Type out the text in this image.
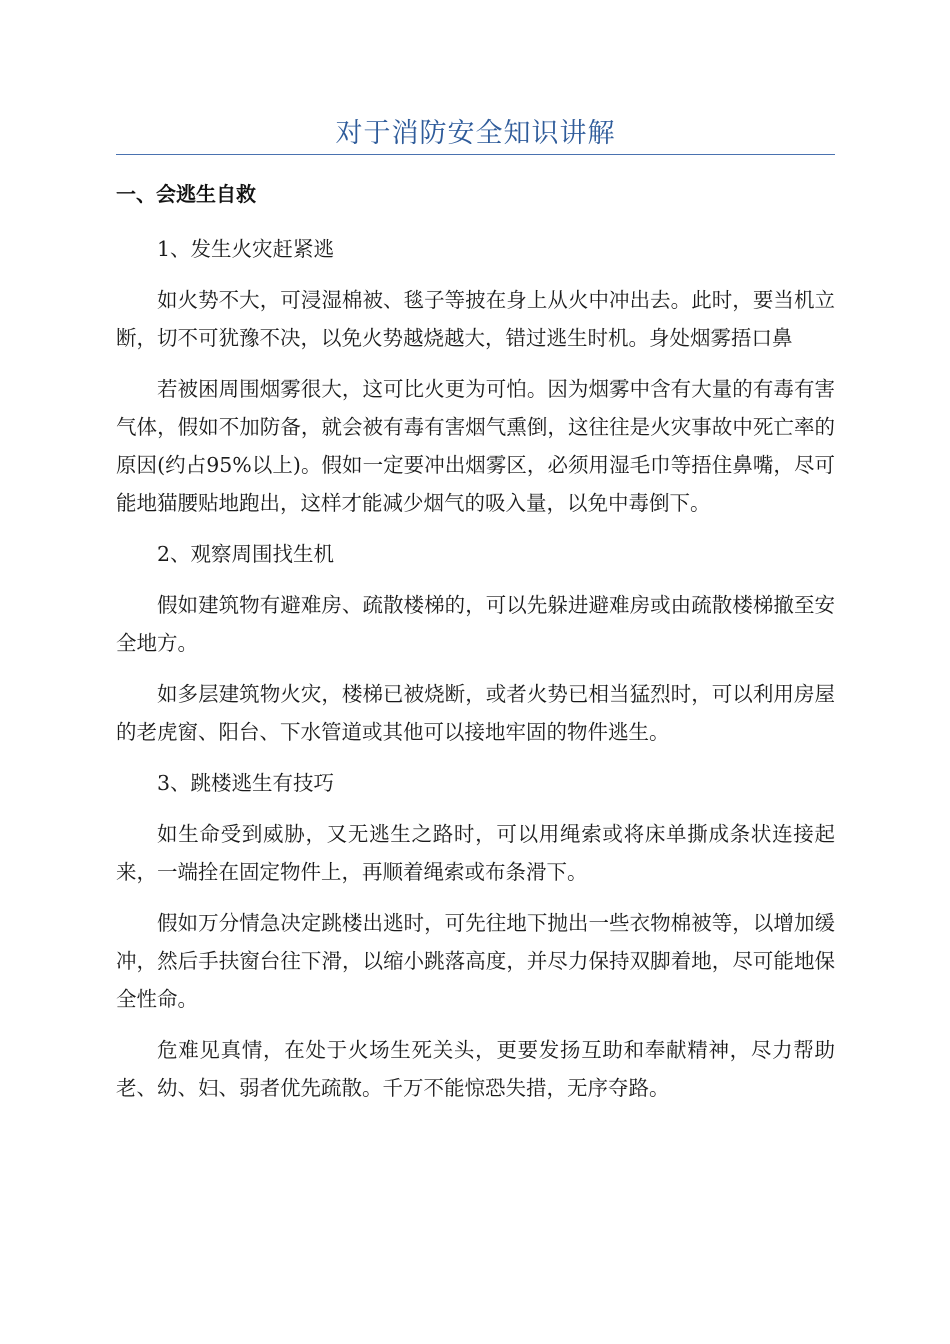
对于消防安全知识讲解
一、会逃生自救
1、发生火灾赶紧逃

如火势不大，可浸湿棉被、毯子等披在身上从火中冲出去。此时，要当机立断，切不可犹豫不决，以免火势越烧越大，错过逃生时机。身处烟雾捂口鼻

若被困周围烟雾很大，这可比火更为可怕。因为烟雾中含有大量的有毒有害气体，假如不加防备，就会被有毒有害烟气熏倒，这往往是火灾事故中死亡率的原因(约占95%以上)。假如一定要冲出烟雾区，必须用湿毛巾等捂住鼻嘴，尽可能地猫腰贴地跑出，这样才能减少烟气的吸入量，以免中毒倒下。

2、观察周围找生机

假如建筑物有避难房、疏散楼梯的，可以先躲进避难房或由疏散楼梯撤至安全地方。

如多层建筑物火灾，楼梯已被烧断，或者火势已相当猛烈时，可以利用房屋的老虎窗、阳台、下水管道或其他可以接地牢固的物件逃生。

3、跳楼逃生有技巧

如生命受到威胁，又无逃生之路时，可以用绳索或将床单撕成条状连接起来，一端拴在固定物件上，再顺着绳索或布条滑下。

假如万分情急决定跳楼出逃时，可先往地下抛出一些衣物棉被等，以增加缓冲，然后手扶窗台往下滑，以缩小跳落高度，并尽力保持双脚着地，尽可能地保全性命。

危难见真情，在处于火场生死关头，更要发扬互助和奉献精神，尽力帮助老、幼、妇、弱者优先疏散。千万不能惊恐失措，无序夺路。
